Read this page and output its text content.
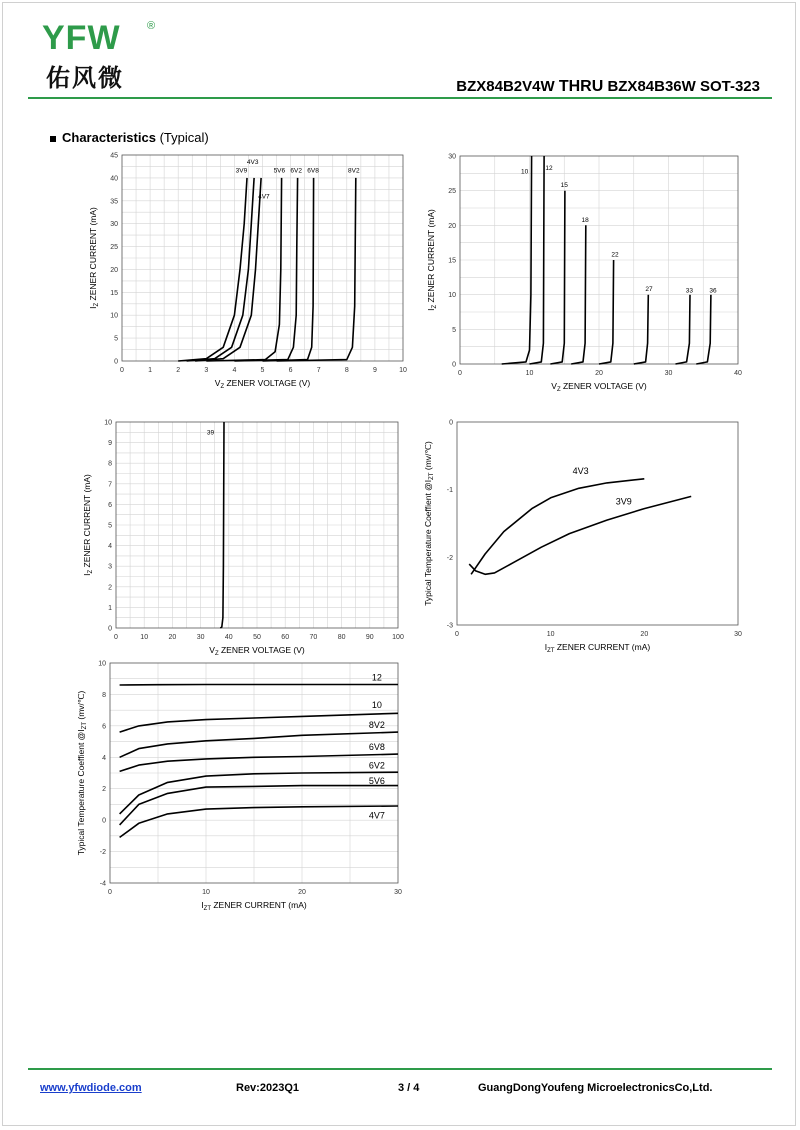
YFW ®
佑风微	BZX84B2V4W THRU BZX84B36W SOT-323
Characteristics (Typical)
0	1	2	3	4	5	6	7	8	9	10
0
5
10
15
20
25
30
35
40
45
$V_Z$ ZENER VOLTAGE (V)
$I_Z$ ZENER CURRENT (mA)
3V9
4V3
4V7
5V6 6V2 6V8	8V2
0	10	20	30	40
0
5
10
15
20
25
30
$V_Z$ ZENER VOLTAGE (V)
$I_Z$ ZENER CURRENT (mA)
10	12
15
18
22
27	33	36
0	10	20	30	40	50	60	70	80	90	100
0
1
2
3
4
5
6
7
8
9
10
$V_Z$ ZENER VOLTAGE (V)
$I_Z$ ZENER CURRENT (mA)
39
0	10	20	30
0
-1
-2
-3
$I_{ZT}$ ZENER CURRENT (mA)
Typical Temperature Coeffient $@I_{ZT}$ (mv/℃)	4V3
3V9
0	10	20	30
10
8
6
4
2
0
-2
-4
$I_{ZT}$ ZENER CURRENT (mA)
Typical Temperature Coeffient $@I_{ZT}$ (mv/℃)
12
10
8V2
6V8
6V2
5V6
4V7
www.yfwdiode.com	Rev:2023Q1	3 / 4	GuangDongYoufeng MicroelectronicsCo,Ltd.
